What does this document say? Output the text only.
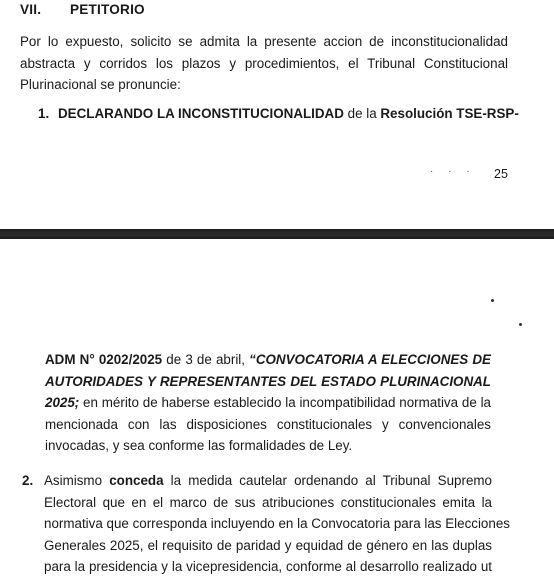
VII. PETITORIO

Por lo expuesto, solicito se admita la presente accion de inconstitucionalidad
abstracta y corridos los plazos y procedimientos, el Tribunal Constitucional
Plurinacional se pronuncie:

1. DECLARANDO LA INCONSTITUCIONALIDAD de la Resolución TSE-RSP-
· · · 25

ADM N° 0202/2025 de 3 de abril, “CONVOCATORIA A ELECCIONES DE
AUTORIDADES Y REPRESENTANTES DEL ESTADO PLURINACIONAL
2025; en mérito de haberse establecido la incompatibilidad normativa de la
mencionada con las disposiciones constitucionales y convencionales
invocadas, y sea conforme las formalidades de Ley.

2. Asimismo conceda la medida cautelar ordenando al Tribunal Supremo
Electoral que en el marco de sus atribuciones constitucionales emita la
normativa que corresponda incluyendo en la Convocatoria para las Elecciones
Generales 2025, el requisito de paridad y equidad de género en las duplas
para la presidencia y la vicepresidencia, conforme al desarrollo realizado ut
